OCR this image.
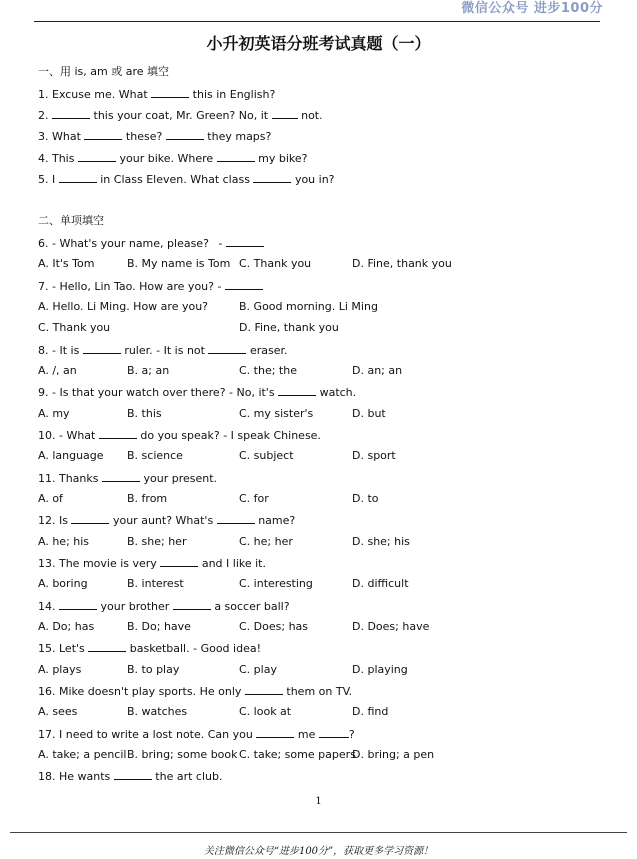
微信公众号 进步100分
小升初英语分班考试真题（一）
一、用 is, am 或 are 填空
1. Excuse me. What	this in English?
2.	this your coat, Mr. Green? No, it	not.
3. What	these?	they maps?
4. This	your bike. Where	my bike?
5. I	in Class Eleven. What class	you in?
二、单项填空
6. - What's your name, please? -
A. It's Tom	B. My name is Tom C. Thank you	D. Fine, thank you
7. - Hello, Lin Tao. How are you? -
A. Hello. Li Ming. How are you?	B. Good morning. Li Ming
C. Thank you	D. Fine, thank you
8. - It is	ruler. - It is not	eraser.
A. /, an	B. a; an	C. the; the	D. an; an
9. - Is that your watch over there? - No, it's	watch.
A. my	B. this	C. my sister's	D. but
10. - What	do you speak? - I speak Chinese.
A. language B. science	C. subject	D. sport
11. Thanks	your present.
A. of	B. from	C. for	D. to
12. Is	your aunt? What's	name?
A. he; his	B. she; her	C. he; her	D. she; his
13. The movie is very	and I like it.
A. boring	B. interest	C. interesting	D. difficult
14.	your brother	a soccer ball?
A. Do; has	B. Do; have	C. Does; has	D. Does; have
15. Let's	basketball. - Good idea!
A. plays	B. to play	C. play	D. playing
16. Mike doesn't play sports. He only	them on TV.
A. sees	B. watches	C. look at	D. find
17. I need to write a lost note. Can you	me	?
A. take; a pencil B. bring; some book C. take; some papers
D. bring; a pen
18. He wants	the art club.
1
关注微信公众号“进步100分”，获取更多学习资源！
